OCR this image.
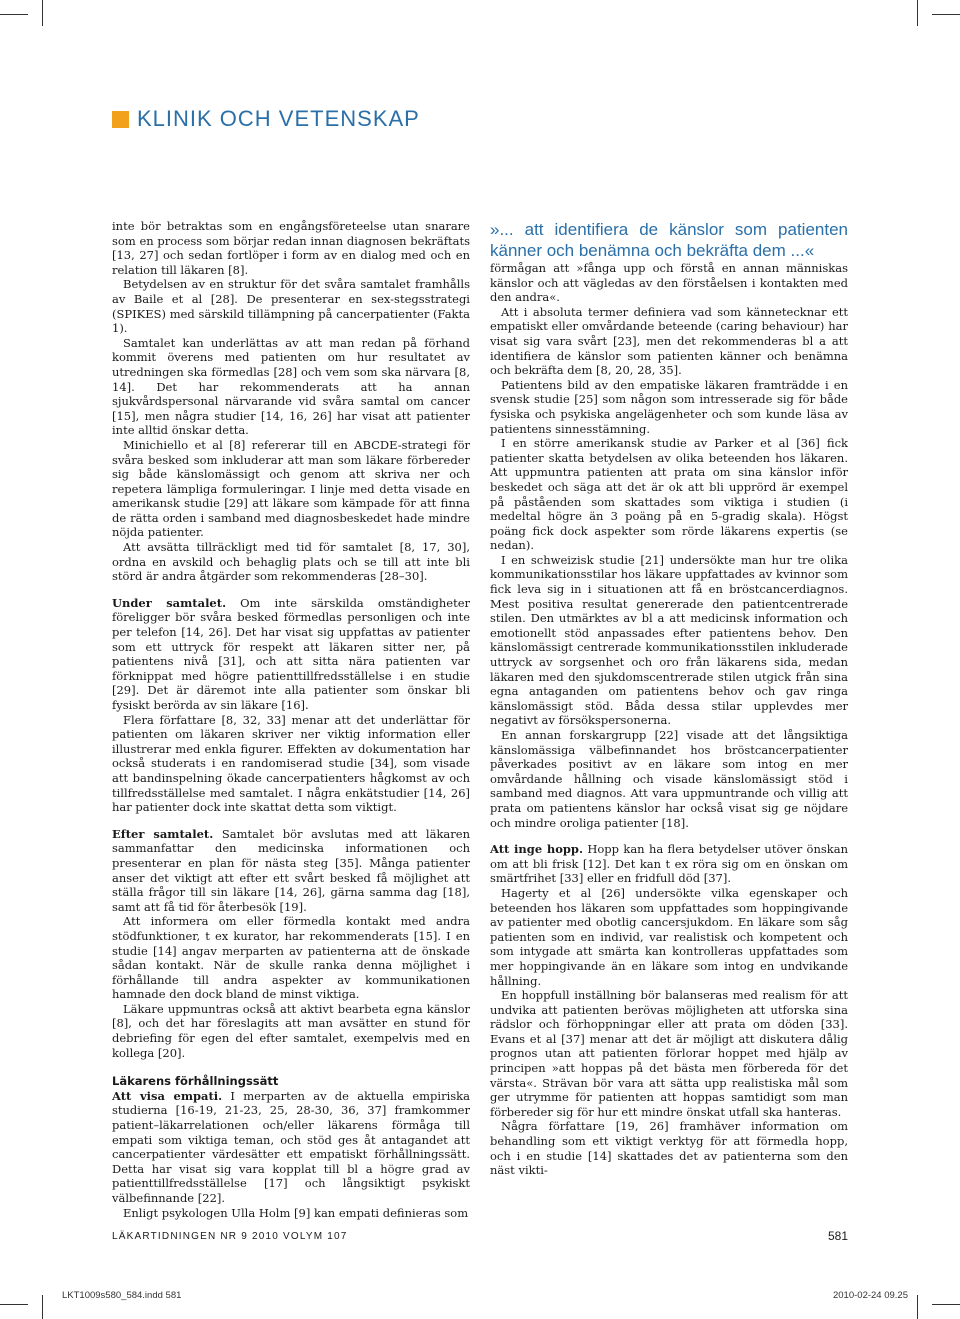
KLINIK OCH VETENSKAP

inte bör betraktas som en engångsföreteelse utan snarare som en process som börjar redan innan diagnosen bekräftats [13, 27] och sedan fortlöper i form av en dialog med och en relation till läkaren [8].

Betydelsen av en struktur för det svåra samtalet framhålls av Baile et al [28]. De presenterar en sex-stegsstrategi (SPIKES) med särskild tillämpning på cancerpatienter (Fakta 1).

Samtalet kan underlättas av att man redan på förhand kommit överens med patienten om hur resultatet av utredningen ska förmedlas [28] och vem som ska närvara [8, 14]. Det har rekommenderats att ha annan sjukvårdspersonal närvarande vid svåra samtal om cancer [15], men några studier [14, 16, 26] har visat att patienter inte alltid önskar detta.

Minichiello et al [8] refererar till en ABCDE-strategi för svåra besked som inkluderar att man som läkare förbereder sig både känslomässigt och genom att skriva ner och repetera lämpliga formuleringar. I linje med detta visade en amerikansk studie [29] att läkare som kämpade för att finna de rätta orden i samband med diagnosbeskedet hade mindre nöjda patienter.

Att avsätta tillräckligt med tid för samtalet [8, 17, 30], ordna en avskild och behaglig plats och se till att inte bli störd är andra åtgärder som rekommenderas [28–30].

Under samtalet. Om inte särskilda omständigheter föreligger bör svåra besked förmedlas personligen och inte per telefon [14, 26]. Det har visat sig uppfattas av patienter som ett uttryck för respekt att läkaren sitter ner, på patientens nivå [31], och att sitta nära patienten var förknippat med högre patienttillfredsställelse i en studie [29]. Det är däremot inte alla patienter som önskar bli fysiskt berörda av sin läkare [16].

Flera författare [8, 32, 33] menar att det underlättar för patienten om läkaren skriver ner viktig information eller illustrerar med enkla figurer. Effekten av dokumentation har också studerats i en randomiserad studie [34], som visade att bandinspelning ökade cancerpatienters hågkomst av och tillfredsställelse med samtalet. I några enkätstudier [14, 26] har patienter dock inte skattat detta som viktigt.

Efter samtalet. Samtalet bör avslutas med att läkaren sammanfattar den medicinska informationen och presenterar en plan för nästa steg [35]. Många patienter anser det viktigt att efter ett svårt besked få möjlighet att ställa frågor till sin läkare [14, 26], gärna samma dag [18], samt att få tid för återbesök [19].

Att informera om eller förmedla kontakt med andra stödfunktioner, t ex kurator, har rekommenderats [15]. I en studie [14] angav merparten av patienterna att de önskade sådan kontakt. När de skulle ranka denna möjlighet i förhållande till andra aspekter av kommunikationen hamnade den dock bland de minst viktiga.

Läkare uppmuntras också att aktivt bearbeta egna känslor [8], och det har föreslagits att man avsätter en stund för debriefing för egen del efter samtalet, exempelvis med en kollega [20].

Läkarens förhållningssätt

Att visa empati. I merparten av de aktuella empiriska studierna [16-19, 21-23, 25, 28-30, 36, 37] framkommer patient–läkarrelationen och/eller läkarens förmåga till empati som viktiga teman, och stöd ges åt antagandet att cancerpatienter värdesätter ett empatiskt förhållningssätt. Detta har visat sig vara kopplat till bl a högre grad av patienttillfredsställelse [17] och långsiktigt psykiskt välbefinnande [22].

Enligt psykologen Ulla Holm [9] kan empati definieras som

»... att identifiera de känslor som patienten känner och benämna och bekräfta dem ...«

förmågan att »fånga upp och förstå en annan människas känslor och att vägledas av den förståelsen i kontakten med den andra«.

Att i absoluta termer definiera vad som kännetecknar ett empatiskt eller omvårdande beteende (caring behaviour) har visat sig vara svårt [23], men det rekommenderas bl a att identifiera de känslor som patienten känner och benämna och bekräfta dem [8, 20, 28, 35].

Patientens bild av den empatiske läkaren framträdde i en svensk studie [25] som någon som intresserade sig för både fysiska och psykiska angelägenheter och som kunde läsa av patientens sinnesstämning.

I en större amerikansk studie av Parker et al [36] fick patienter skatta betydelsen av olika beteenden hos läkaren. Att uppmuntra patienten att prata om sina känslor inför beskedet och säga att det är ok att bli upprörd är exempel på påståenden som skattades som viktiga i studien (i medeltal högre än 3 poäng på en 5-gradig skala). Högst poäng fick dock aspekter som rörde läkarens expertis (se nedan).

I en schweizisk studie [21] undersökte man hur tre olika kommunikationsstilar hos läkare uppfattades av kvinnor som fick leva sig in i situationen att få en bröstcancerdiagnos. Mest positiva resultat genererade den patientcentrerade stilen. Den utmärktes av bl a att medicinsk information och emotionellt stöd anpassades efter patientens behov. Den känslomässigt centrerade kommunikationsstilen inkluderade uttryck av sorgsenhet och oro från läkarens sida, medan läkaren med den sjukdomscentrerade stilen utgick från sina egna antaganden om patientens behov och gav ringa känslomässigt stöd. Båda dessa stilar upplevdes mer negativt av försökspersonerna.

En annan forskargrupp [22] visade att det långsiktiga känslomässiga välbefinnandet hos bröstcancerpatienter påverkades positivt av en läkare som intog en mer omvårdande hållning och visade känslomässigt stöd i samband med diagnos. Att vara uppmuntrande och villig att prata om patientens känslor har också visat sig ge nöjdare och mindre oroliga patienter [18].

Att inge hopp. Hopp kan ha flera betydelser utöver önskan om att bli frisk [12]. Det kan t ex röra sig om en önskan om smärtfrihet [33] eller en fridfull död [37].

Hagerty et al [26] undersökte vilka egenskaper och beteenden hos läkaren som uppfattades som hoppingivande av patienter med obotlig cancersjukdom. En läkare som såg patienten som en individ, var realistisk och kompetent och som intygade att smärta kan kontrolleras uppfattades som mer hoppingivande än en läkare som intog en undvikande hållning.

En hoppfull inställning bör balanseras med realism för att undvika att patienten berövas möjligheten att utforska sina rädslor och förhoppningar eller att prata om döden [33]. Evans et al [37] menar att det är möjligt att diskutera dålig prognos utan att patienten förlorar hoppet med hjälp av principen »att hoppas på det bästa men förbereda för det värsta«. Strävan bör vara att sätta upp realistiska mål som ger utrymme för patienten att hoppas samtidigt som man förbereder sig för hur ett mindre önskat utfall ska hanteras.

Några författare [19, 26] framhäver information om behandling som ett viktigt verktyg för att förmedla hopp, och i en studie [14] skattades det av patienterna som den näst vikti-

LÄKARTIDNINGEN NR 9 2010 VOLYM 107	581
LKT1009s580_584.indd 581	2010-02-24 09.25
